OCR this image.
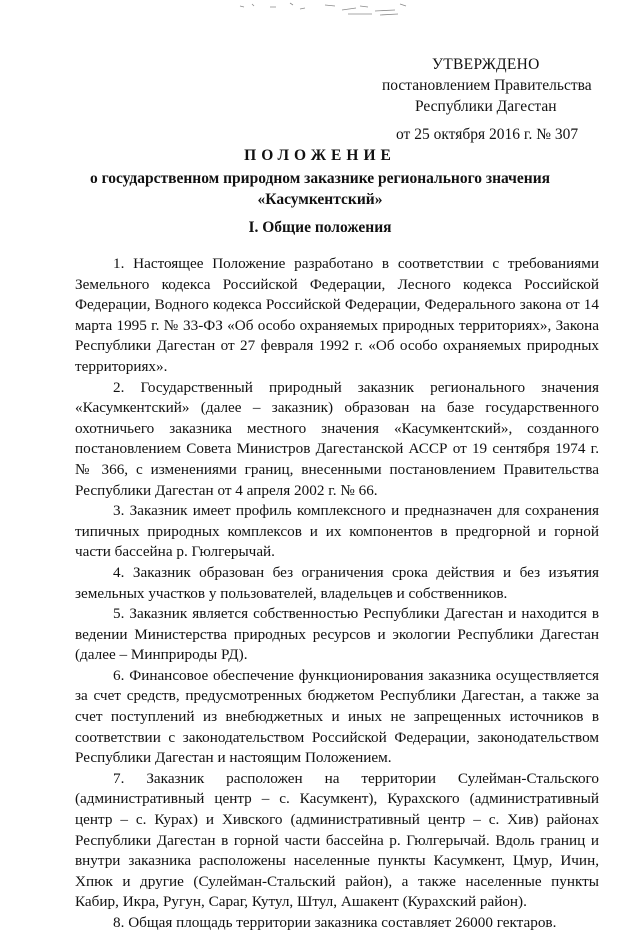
УТВЕРЖДЕНО
постановлением Правительства
Республики Дагестан
от 25 октября 2016 г. № 307
ПОЛОЖЕНИЕ
о государственном природном заказнике регионального значения
«Касумкентский»
I. Общие положения

1. Настоящее Положение разработано в соответствии с требованиями Земельного кодекса Российской Федерации, Лесного кодекса Российской Федерации, Водного кодекса Российской Федерации, Федерального закона от 14 марта 1995 г. № 33-ФЗ «Об особо охраняемых природных территориях», Закона Республики Дагестан от 27 февраля 1992 г. «Об особо охраняемых природных территориях».

2. Государственный природный заказник регионального значения «Касумкентский» (далее – заказник) образован на базе государственного охотничьего заказника местного значения «Касумкентский», созданного постановлением Совета Министров Дагестанской АССР от 19 сентября 1974 г. № 366, с изменениями границ, внесенными постановлением Правительства Республики Дагестан от 4 апреля 2002 г. № 66.

3. Заказник имеет профиль комплексного и предназначен для сохранения типичных природных комплексов и их компонентов в предгорной и горной части бассейна р. Гюлгерычай.

4. Заказник образован без ограничения срока действия и без изъятия земельных участков у пользователей, владельцев и собственников.

5. Заказник является собственностью Республики Дагестан и находится в ведении Министерства природных ресурсов и экологии Республики Дагестан (далее – Минприроды РД).

6. Финансовое обеспечение функционирования заказника осуществляется за счет средств, предусмотренных бюджетом Республики Дагестан, а также за счет поступлений из внебюджетных и иных не запрещенных источников в соответствии с законодательством Российской Федерации, законодательством Республики Дагестан и настоящим Положением.

7. Заказник расположен на территории Сулейман-Стальского (административный центр – с. Касумкент), Курахского (административный центр – с. Курах) и Хивского (административный центр – с. Хив) районах Республики Дагестан в горной части бассейна р. Гюлгерычай. Вдоль границ и внутри заказника расположены населенные пункты Касумкент, Цмур, Ичин, Хпюк и другие (Сулейман-Стальский район), а также населенные пункты Кабир, Икра, Ругун, Сараг, Кутул, Штул, Ашакент (Курахский район).

8. Общая площадь территории заказника составляет 26000 гектаров.
